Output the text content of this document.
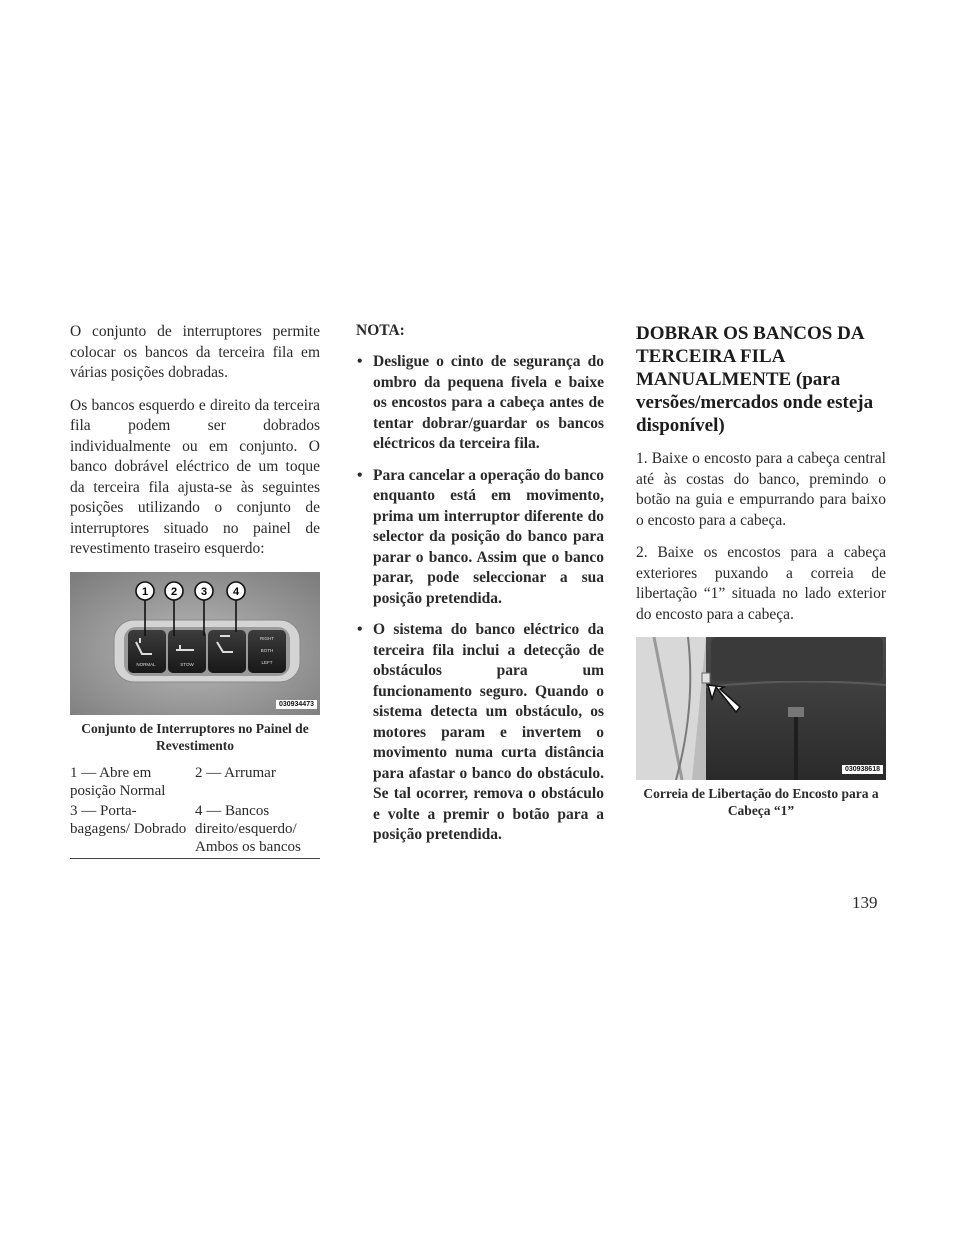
O conjunto de interruptores permite colocar os bancos da terceira fila em várias posições dobradas.

Os bancos esquerdo e direito da terceira fila podem ser dobrados individualmente ou em conjunto. O banco dobrável eléctrico de um toque da terceira fila ajusta-se às seguintes posições utilizando o conjunto de interruptores situado no painel de revestimento traseiro esquerdo:

NORMAL	STOW
RIGHT
BOTH
LEFT
1 2 3 4
030934473
Conjunto de Interruptores no Painel de Revestimento
1 — Abre em posição Normal	2 — Arrumar
3 — Porta-bagagens/ Dobrado	4 — Bancos direito/esquerdo/ Ambos os bancos
NOTA:
• Desligue o cinto de segurança do ombro da pequena fivela e baixe os encostos para a cabeça antes de tentar dobrar/guardar os bancos eléctricos da terceira fila.
• Para cancelar a operação do banco enquanto está em movimento, prima um interruptor diferente do selector da posição do banco para parar o banco. Assim que o banco parar, pode seleccionar a sua posição pretendida.
• O sistema do banco eléctrico da terceira fila inclui a detecção de obstáculos para um funcionamento seguro. Quando o sistema detecta um obstáculo, os motores param e invertem o movimento numa curta distância para afastar o banco do obstáculo. Se tal ocorrer, remova o obstáculo e volte a premir o botão para a posição pretendida.
DOBRAR OS BANCOS DA TERCEIRA FILA MANUALMENTE (para versões/mercados onde esteja disponível)

1. Baixe o encosto para a cabeça central até às costas do banco, premindo o botão na guia e empurrando para baixo o encosto para a cabeça.

2. Baixe os encostos para a cabeça exteriores puxando a correia de libertação “1” situada no lado exterior do encosto para a cabeça.

030938618
Correia de Libertação do Encosto para a Cabeça “1”
139
